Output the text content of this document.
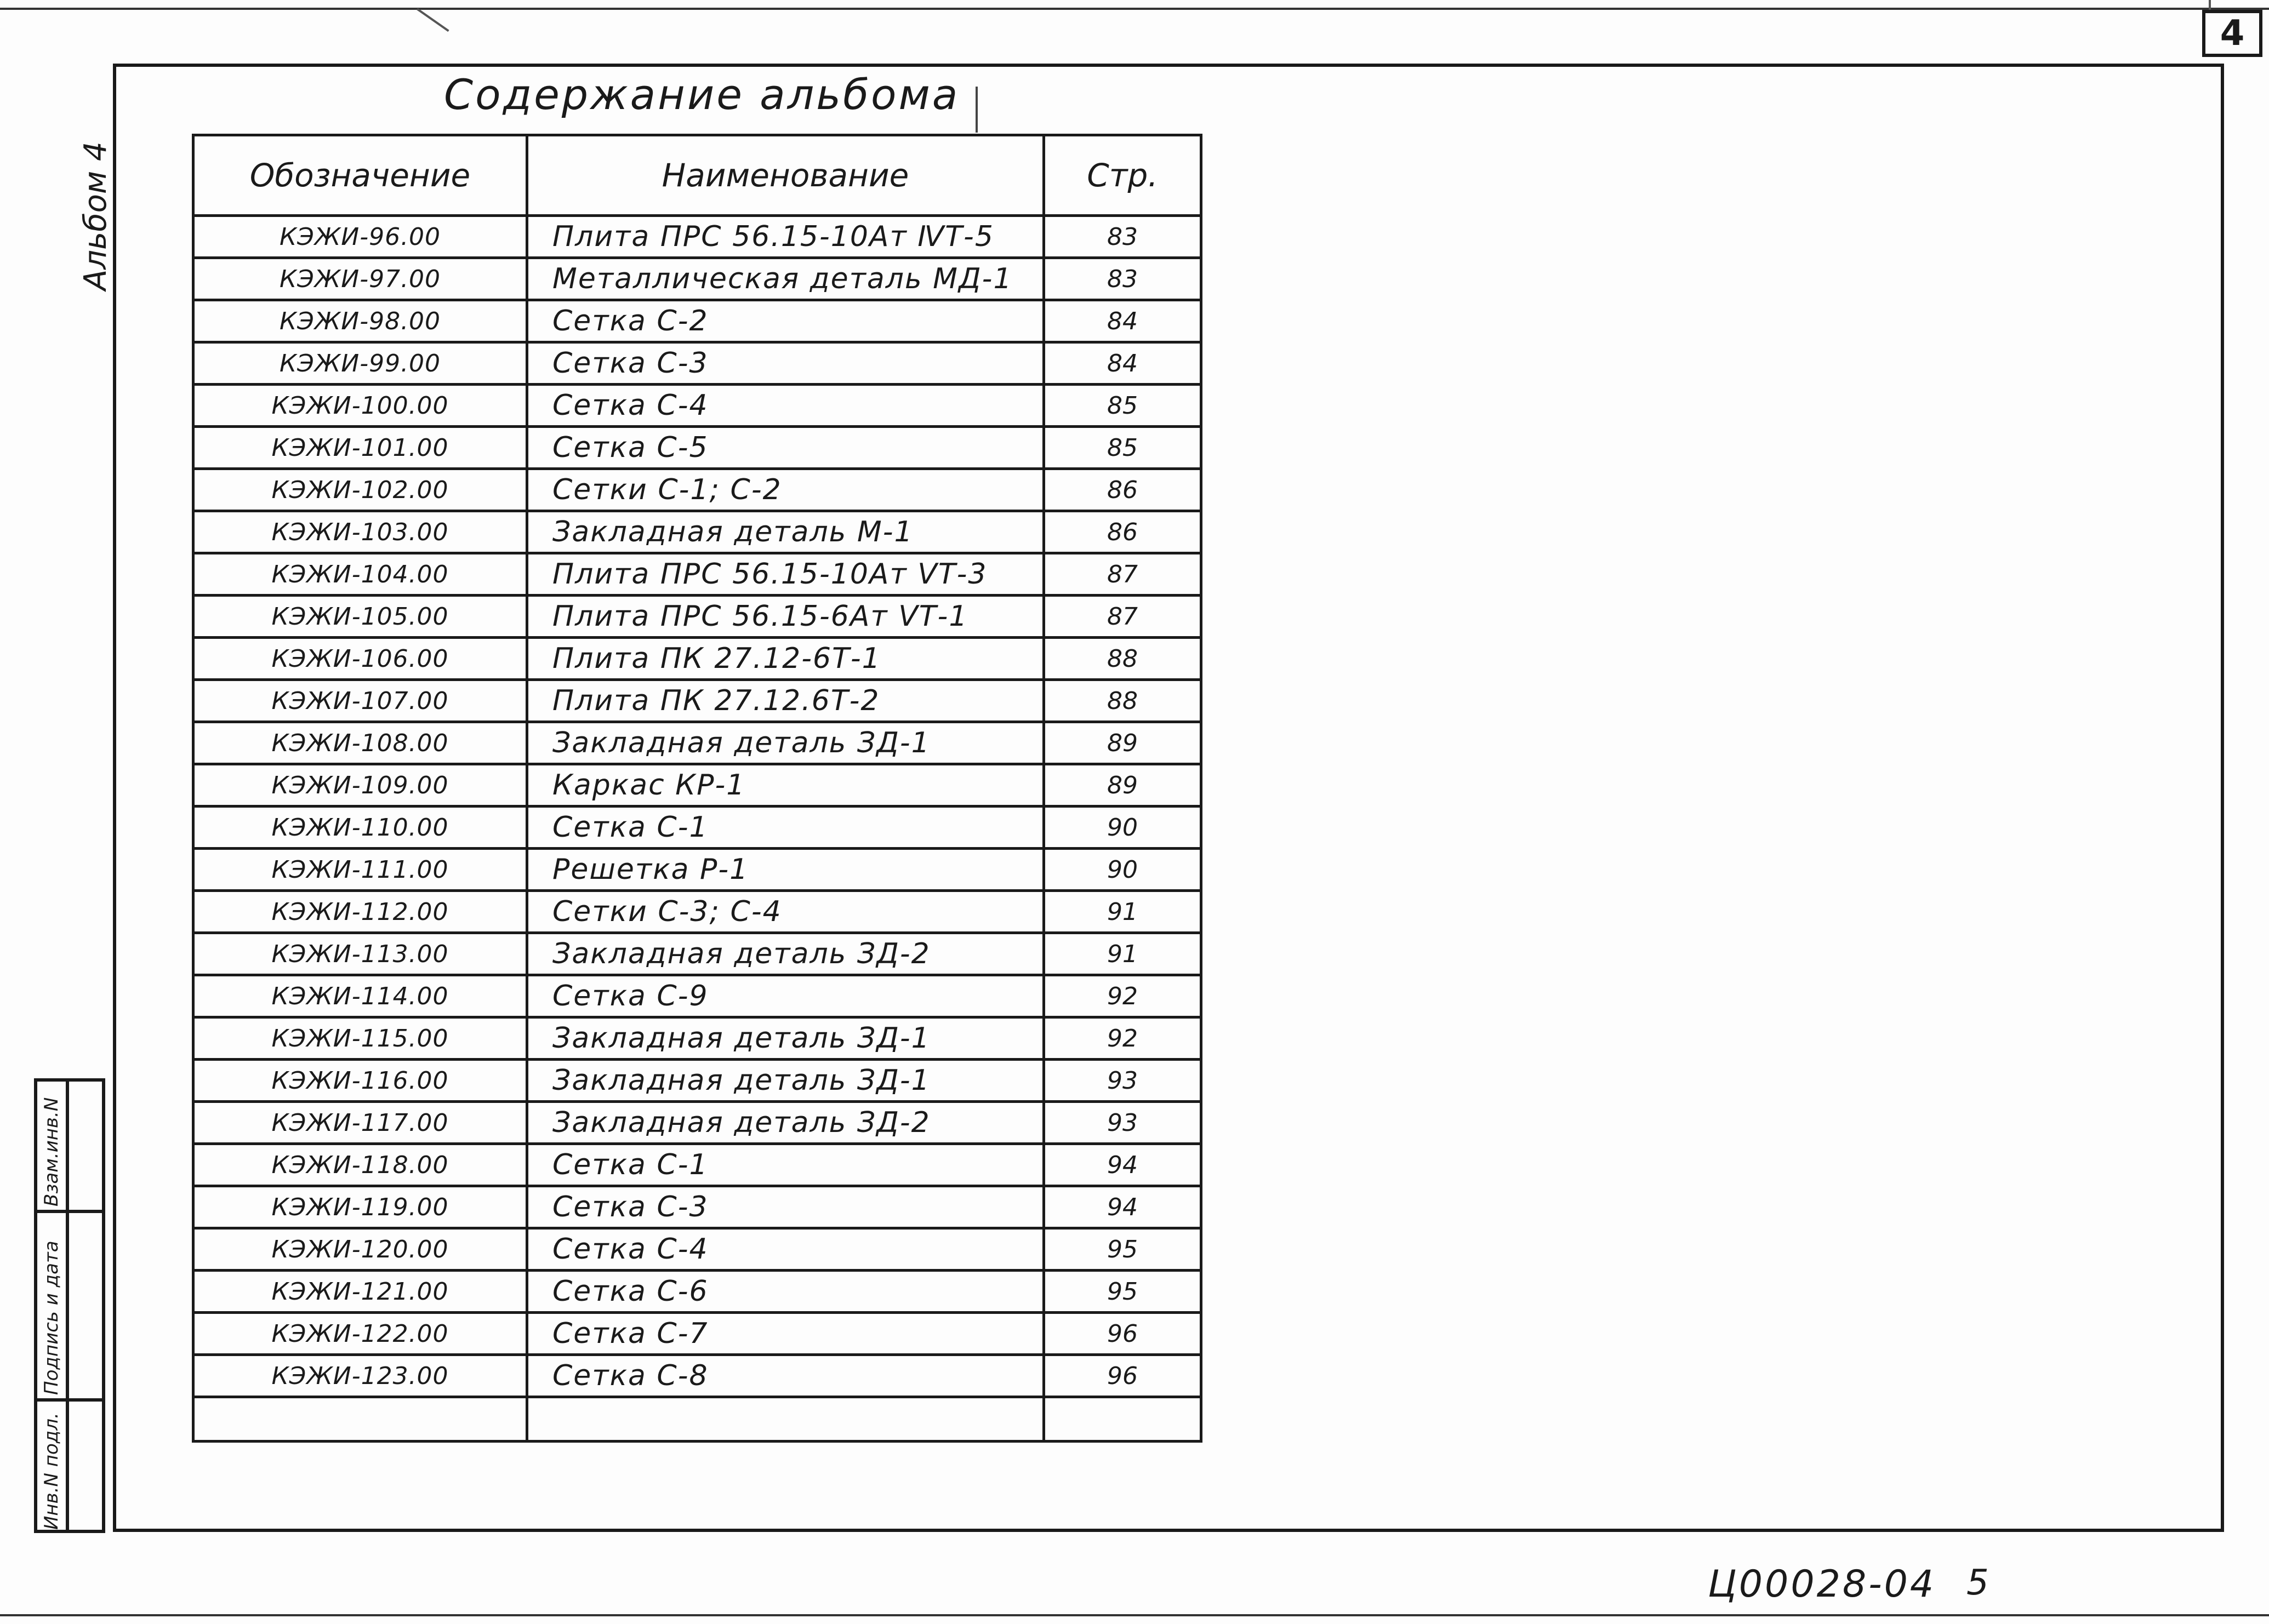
4
Альбом 4
Инв.N подл.
Подпись и дата
Взам.инв.N
Содержание альбома
Обозначение	Наименование	Стр.
КЭЖИ-96.00	Плита ПРС 56.15-10Ат ⅣТ-5	83
КЭЖИ-97.00	Металлическая деталь МД-1	83
КЭЖИ-98.00	Сетка С-2	84
КЭЖИ-99.00	Сетка С-3	84
КЭЖИ-100.00	Сетка С-4	85
КЭЖИ-101.00	Сетка С-5	85
КЭЖИ-102.00	Сетки С-1; С-2	86
КЭЖИ-103.00	Закладная деталь М-1	86
КЭЖИ-104.00	Плита ПРС 56.15-10Ат ⅤТ-3	87
КЭЖИ-105.00	Плита ПРС 56.15-6Ат ⅤТ-1	87
КЭЖИ-106.00	Плита ПК 27.12-6Т-1	88
КЭЖИ-107.00	Плита ПК 27.12.6Т-2	88
КЭЖИ-108.00	Закладная деталь ЗД-1	89
КЭЖИ-109.00	Каркас КР-1	89
КЭЖИ-110.00	Сетка С-1	90
КЭЖИ-111.00	Решетка Р-1	90
КЭЖИ-112.00	Сетки С-3; С-4	91
КЭЖИ-113.00	Закладная деталь ЗД-2	91
КЭЖИ-114.00	Сетка С-9	92
КЭЖИ-115.00	Закладная деталь ЗД-1	92
КЭЖИ-116.00	Закладная деталь ЗД-1	93
КЭЖИ-117.00	Закладная деталь ЗД-2	93
КЭЖИ-118.00	Сетка С-1	94
КЭЖИ-119.00	Сетка С-3	94
КЭЖИ-120.00	Сетка С-4	95
КЭЖИ-121.00	Сетка С-6	95
КЭЖИ-122.00	Сетка С-7	96
КЭЖИ-123.00	Сетка С-8	96

Ц00028-04 5
